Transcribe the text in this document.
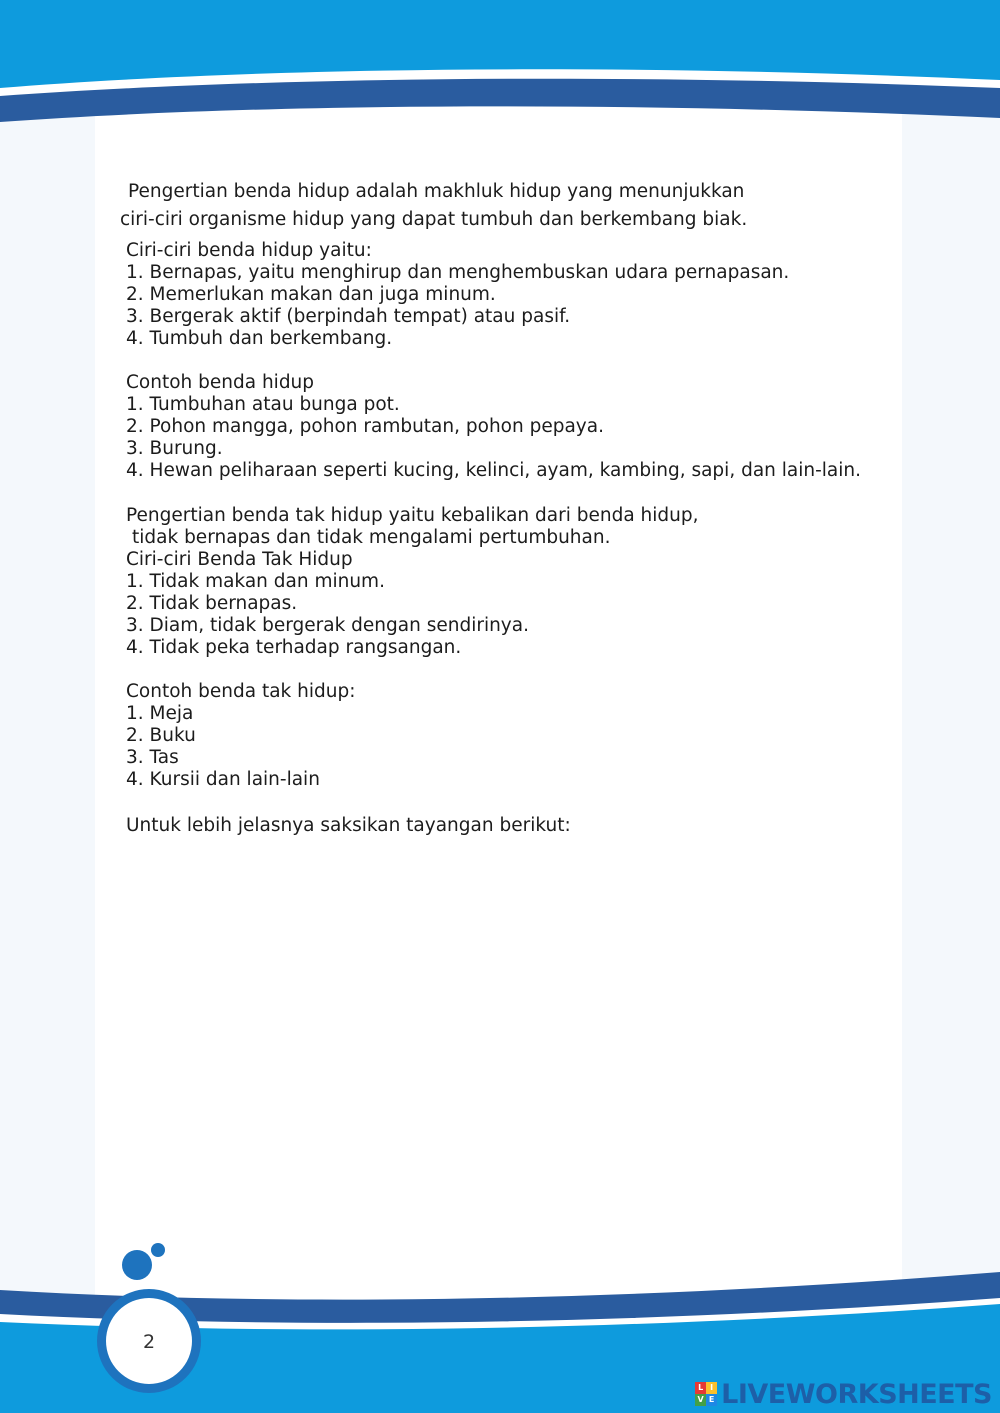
2
Pengertian benda hidup adalah makhluk hidup yang menunjukkan
ciri-ciri organisme hidup yang dapat tumbuh dan berkembang biak.
Ciri-ciri benda hidup yaitu:
1. Bernapas, yaitu menghirup dan menghembuskan udara pernapasan.
2. Memerlukan makan dan juga minum.
3. Bergerak aktif (berpindah tempat) atau pasif.
4. Tumbuh dan berkembang.
Contoh benda hidup
1. Tumbuhan atau bunga pot.
2. Pohon mangga, pohon rambutan, pohon pepaya.
3. Burung.
4. Hewan peliharaan seperti kucing, kelinci, ayam, kambing, sapi, dan lain-lain.
Pengertian benda tak hidup yaitu kebalikan dari benda hidup,
tidak bernapas dan tidak mengalami pertumbuhan.
Ciri-ciri Benda Tak Hidup
1. Tidak makan dan minum.
2. Tidak bernapas.
3. Diam, tidak bergerak dengan sendirinya.
4. Tidak peka terhadap rangsangan.
Contoh benda tak hidup:
1. Meja
2. Buku
3. Tas
4. Kursii dan lain-lain
Untuk lebih jelasnya saksikan tayangan berikut:
L I
V E LIVEWORKSHEETS
